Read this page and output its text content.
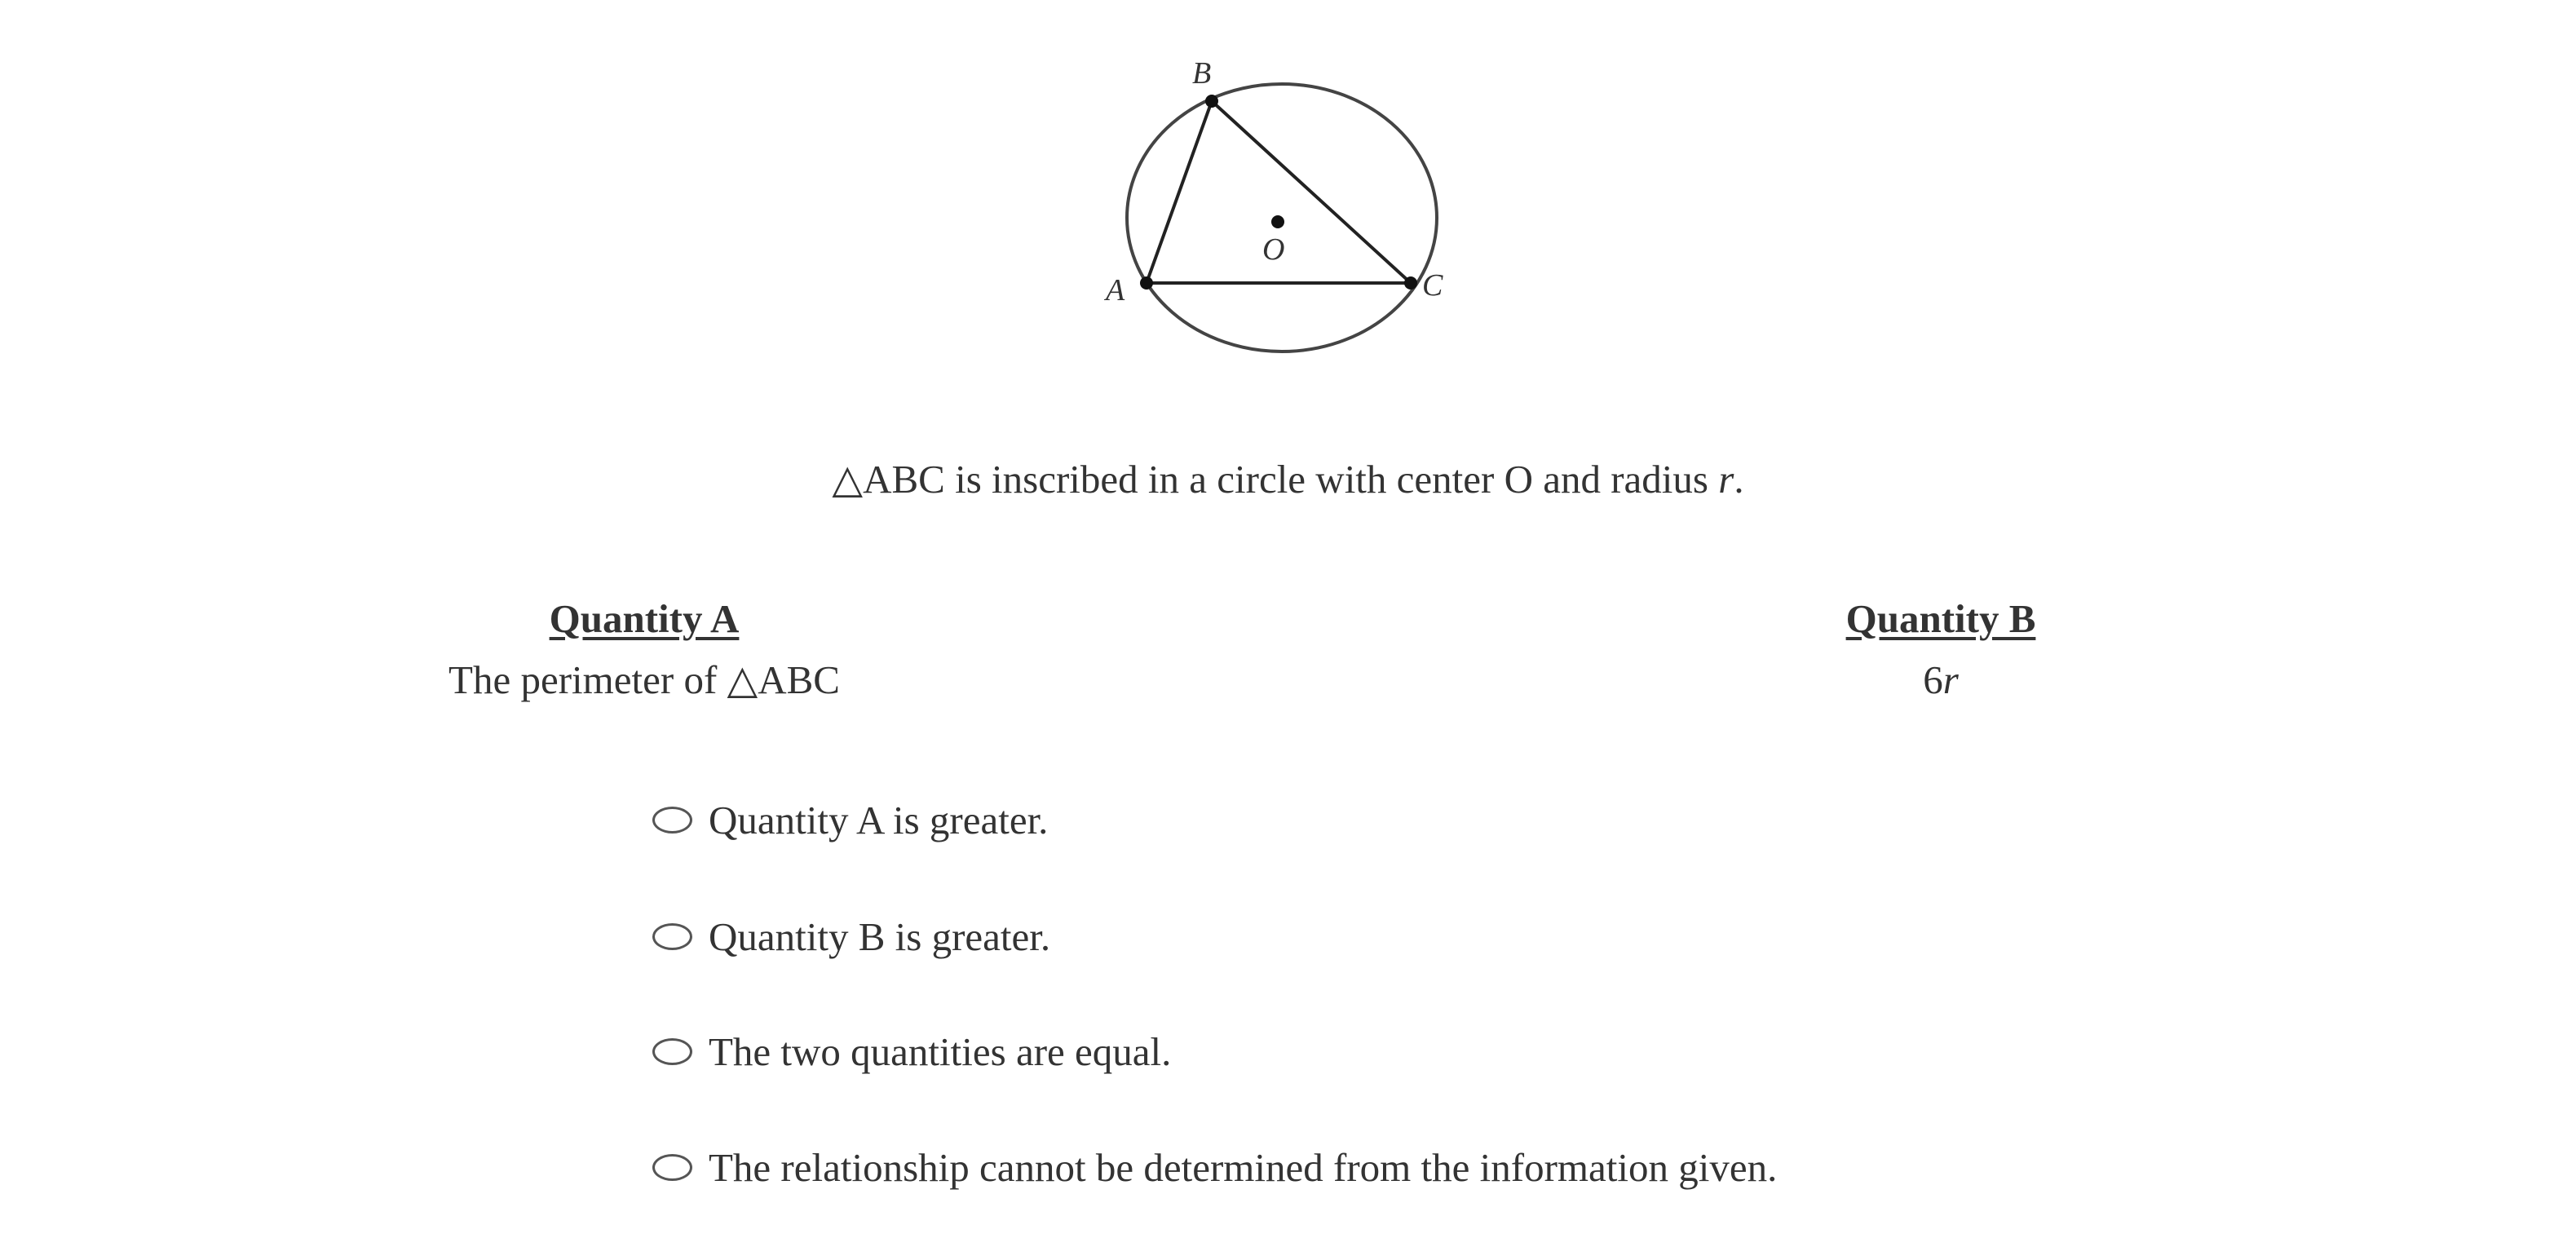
B
A	C
O
△ABC is inscribed in a circle with center O and radius r.
Quantity A
The perimeter of △ABC
Quantity B
6r
Quantity A is greater.
Quantity B is greater.
The two quantities are equal.
The relationship cannot be determined from the information given.
